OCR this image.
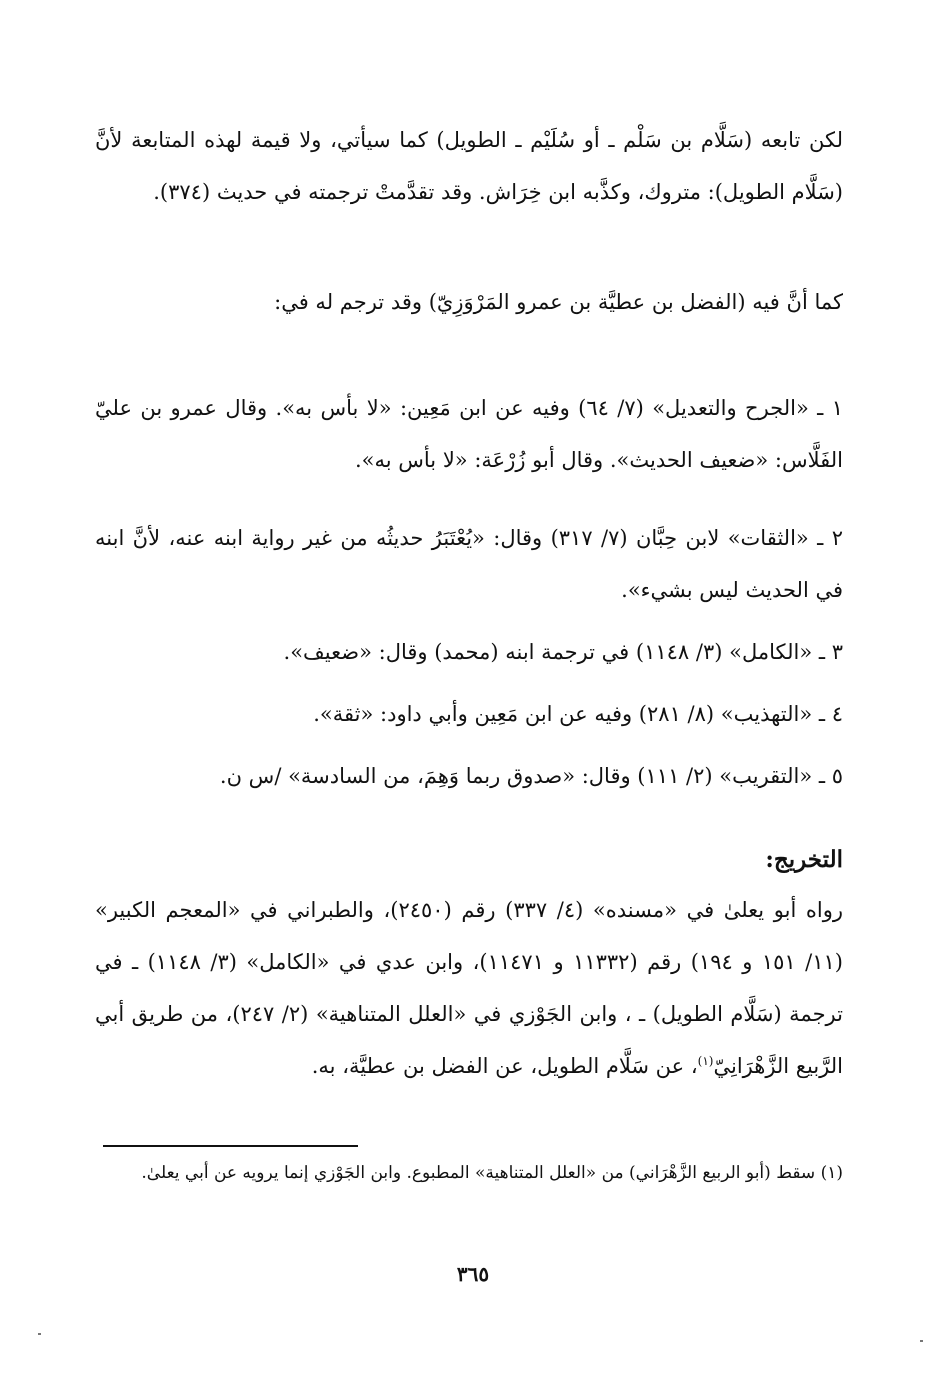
لكن تابعه (سَلَّام بن سَلْم ـ أو سُلَيْم ـ الطويل) كما سيأتي، ولا قيمة لهذه المتابعة لأنَّ (سَلَّام الطويل): متروك، وكذَّبه ابن خِرَاش. وقد تقدَّمتْ ترجمته في حديث (٣٧٤).

كما أنَّ فيه (الفضل بن عطيَّة بن عمرو المَرْوَزِيّ) وقد ترجم له في:

١ ـ «الجرح والتعديل» (٧/ ٦٤) وفيه عن ابن مَعِين: «لا بأس به». وقال عمرو بن عليّ الفَلَّاس: «ضعيف الحديث». وقال أبو زُرْعَة: «لا بأس به».

٢ ـ «الثقات» لابن حِبَّان (٧/ ٣١٧) وقال: «يُعْتَبَرُ حديثُه من غير رواية ابنه عنه، لأنَّ ابنه في الحديث ليس بشيء».

٣ ـ «الكامل» (٣/ ١١٤٨) في ترجمة ابنه (محمد) وقال: «ضعيف».

٤ ـ «التهذيب» (٨/ ٢٨١) وفيه عن ابن مَعِين وأبي داود: «ثقة».

٥ ـ «التقريب» (٢/ ١١١) وقال: «صدوق ربما وَهِمَ، من السادسة» /س ن.

التخريج:

رواه أبو يعلىٰ في «مسنده» (٤/ ٣٣٧) رقم (٢٤٥٠)، والطبراني في «المعجم الكبير» (١١/ ١٥١ و ١٩٤) رقم (١١٣٣٢ و ١١٤٧١)، وابن عدي في «الكامل» (٣/ ١١٤٨) ـ في ترجمة (سَلَّام الطويل) ـ ، وابن الجَوْزي في «العلل المتناهية» (٢/ ٢٤٧)، من طريق أبي الرَّبيع الزَّهْرَانِيّ$^{(١)}$، عن سَلَّام الطويل، عن الفضل بن عطيَّة، به.

(١) سقط (أبو الربيع الزَّهْرَاني) من «العلل المتناهية» المطبوع. وابن الجَوْزي إنما يرويه عن أبي يعلىٰ.

٣٦٥
